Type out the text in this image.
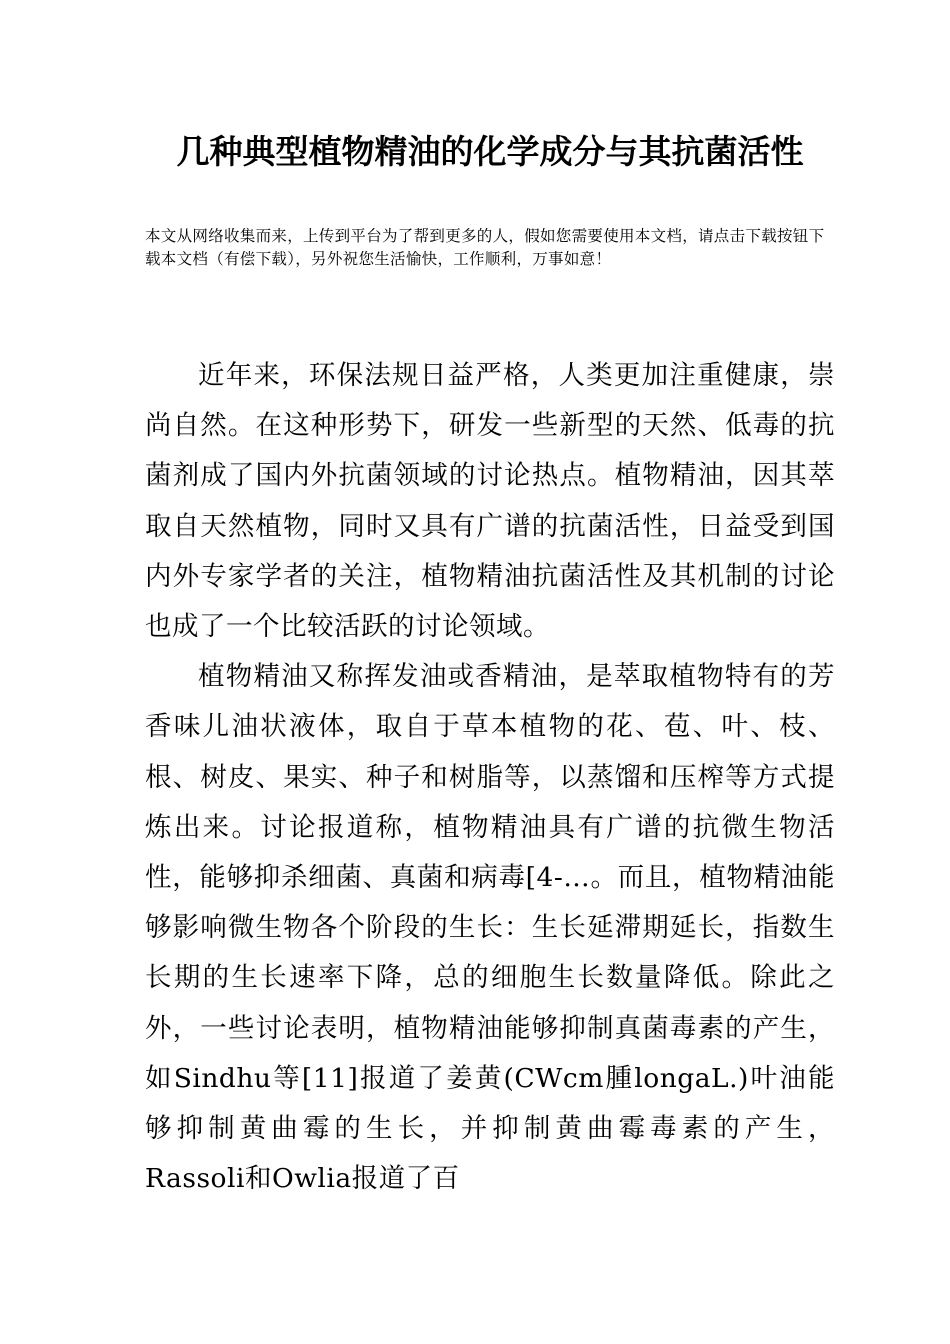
几种典型植物精油的化学成分与其抗菌活性

本文从网络收集而来，上传到平台为了帮到更多的人，假如您需要使用本文档，请点击下载按钮下载本文档（有偿下载），另外祝您生活愉快，工作顺利，万事如意！

近年来，环保法规日益严格，人类更加注重健康，崇尚自然。在这种形势下，研发一些新型的天然、低毒的抗菌剂成了国内外抗菌领域的讨论热点。植物精油，因其萃取自天然植物，同时又具有广谱的抗菌活性，日益受到国内外专家学者的关注，植物精油抗菌活性及其机制的讨论也成了一个比较活跃的讨论领域。

植物精油又称挥发油或香精油，是萃取植物特有的芳香味儿油状液体，取自于草本植物的花、苞、叶、枝、根、树皮、果实、种子和树脂等，以蒸馏和压榨等方式提炼出来。讨论报道称，植物精油具有广谱的抗微生物活性，能够抑杀细菌、真菌和病毒[4-…。而且，植物精油能够影响微生物各个阶段的生长：生长延滞期延长，指数生长期的生长速率下降，总的细胞生长数量降低。除此之外，一些讨论表明，植物精油能够抑制真菌毒素的产生，如Sindhu等[11]报道了姜黄(CWcm腫longaL.)叶油能够抑制黄曲霉的生长，并抑制黄曲霉毒素的产生，Rassoli和Owlia报道了百
